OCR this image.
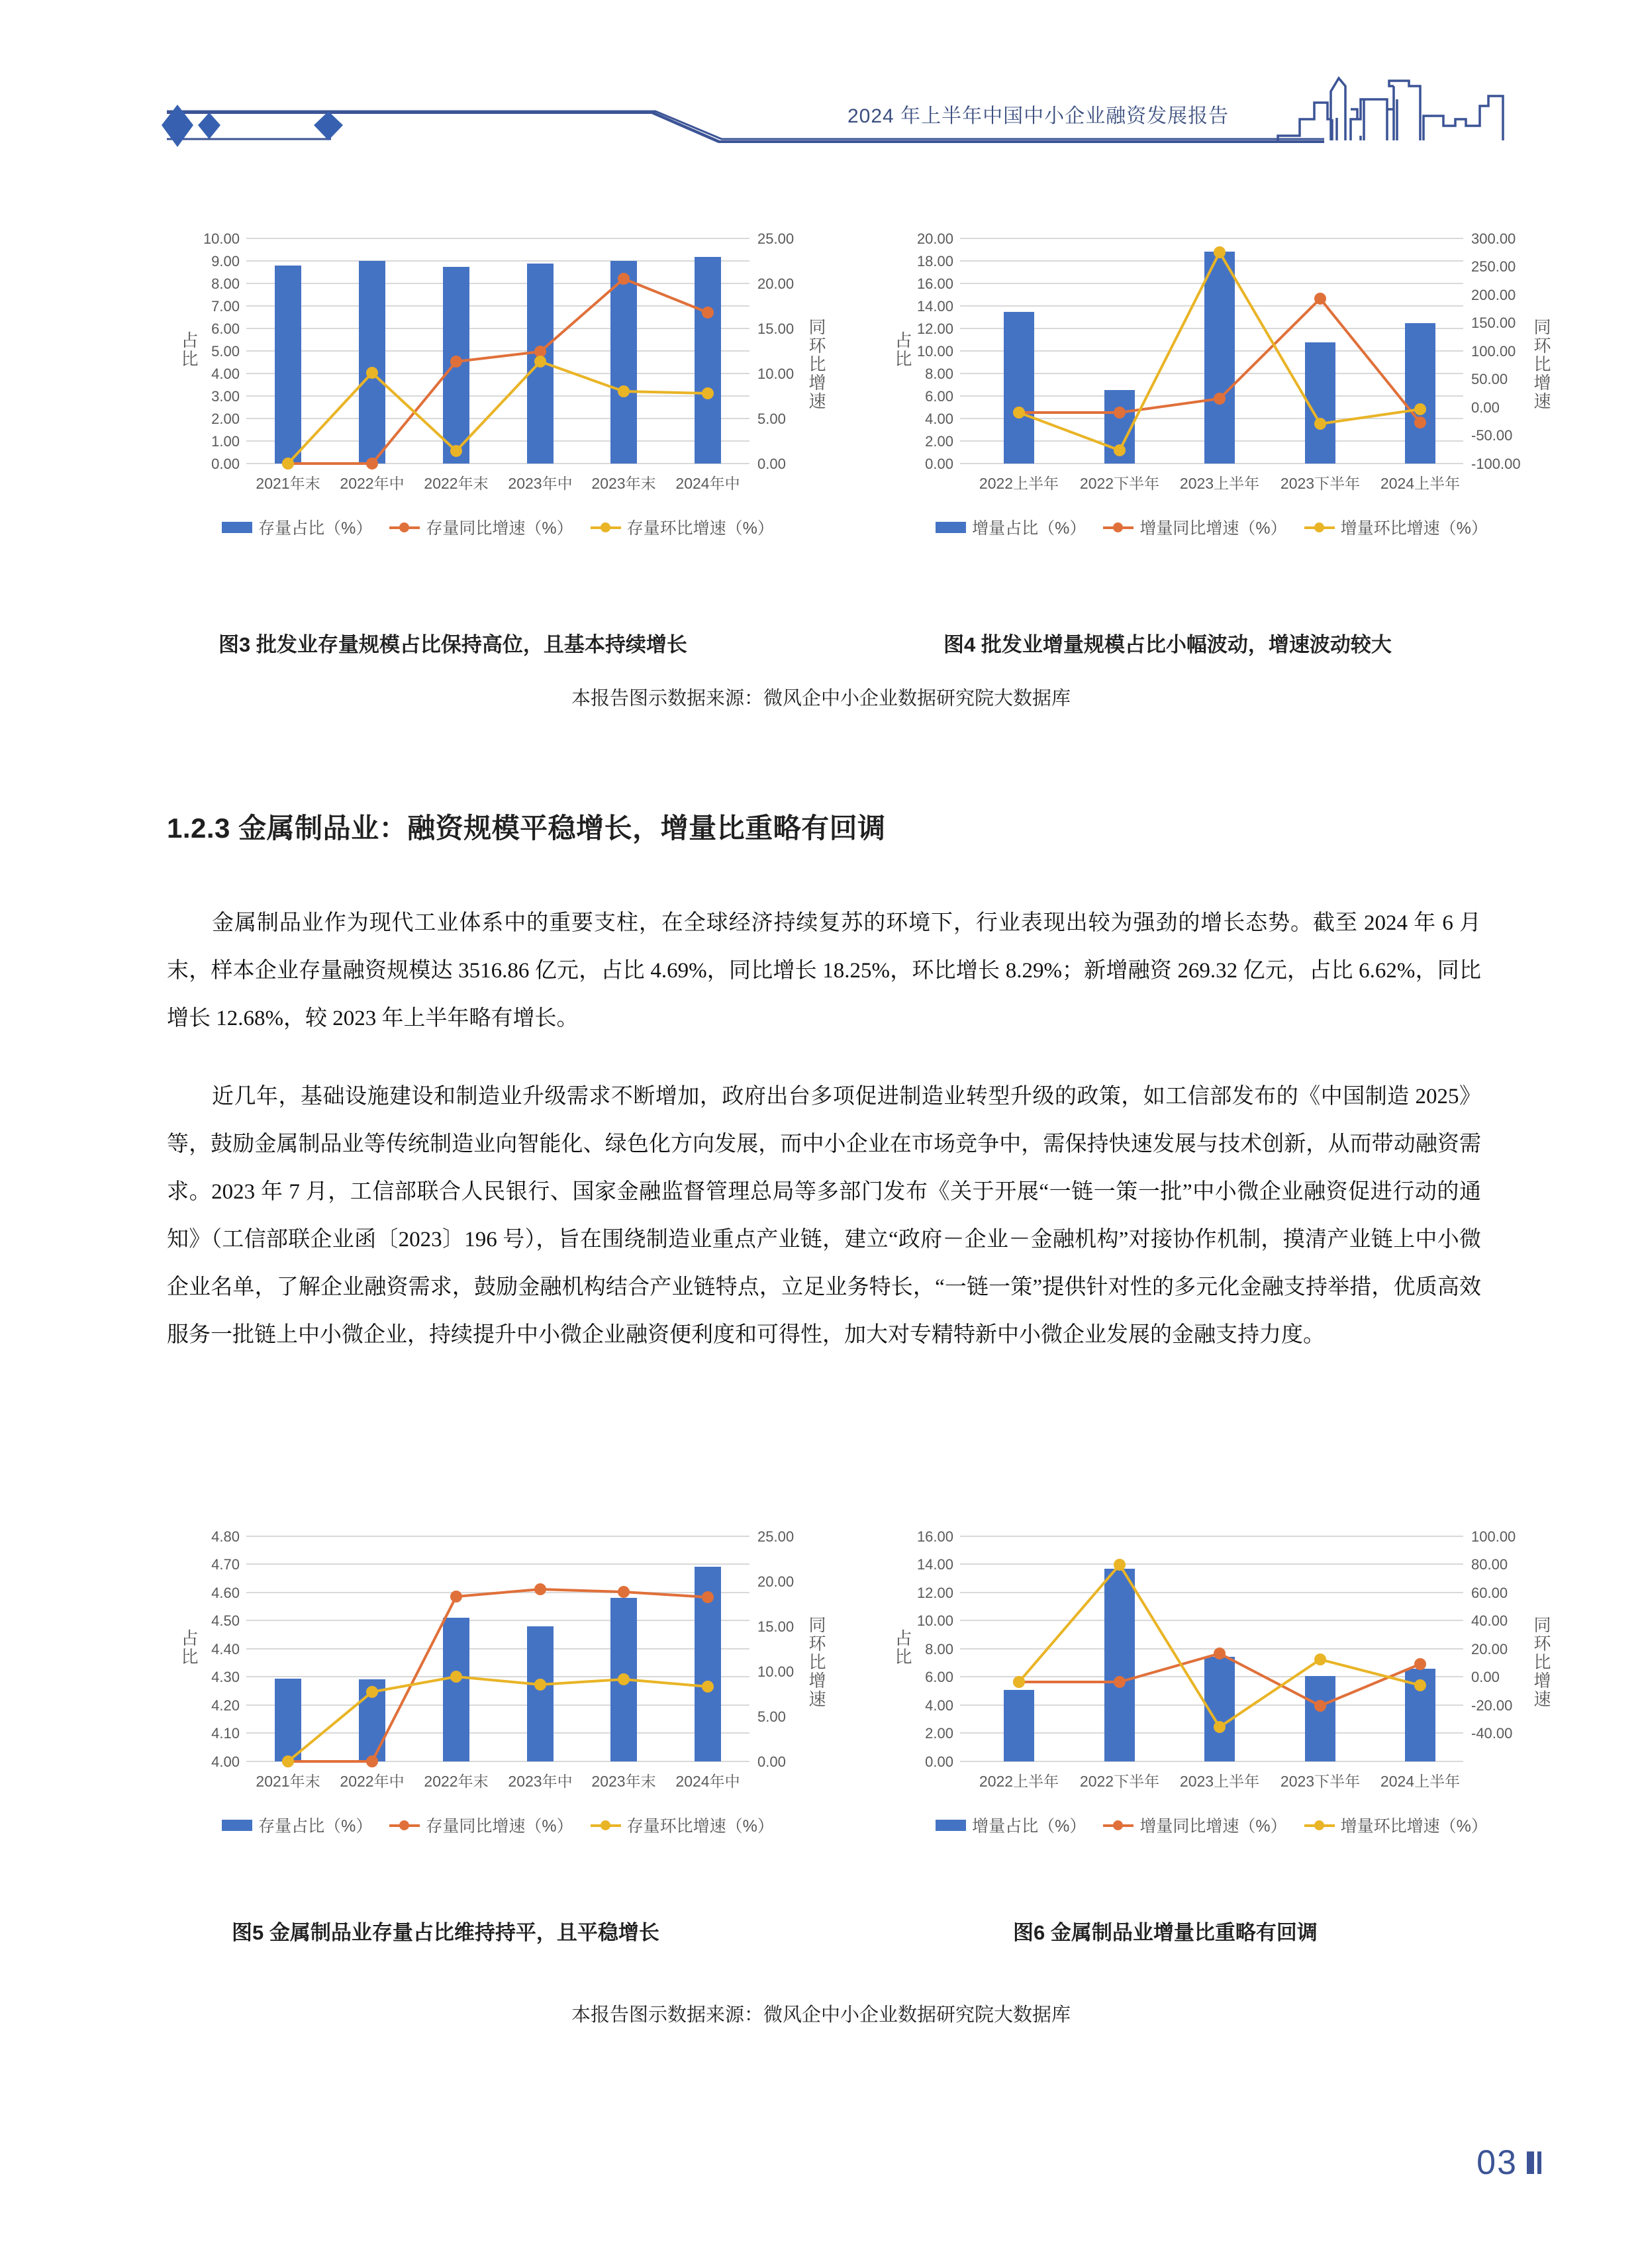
2024 年上半年中国中小企业融资发展报告
10.00
9.00
8.00
7.00
6.00
5.00
4.00
3.00
2.00
1.00
0.00
25.00
20.00
15.00
10.00
5.00
0.00
2021年末 2022年中 2022年末 2023年中 2023年末 2024年中
占比	同环比增速
存量占比（%）	存量同比增速（%）	存量环比增速（%）
图3 批发业存量规模占比保持高位，且基本持续增长
20.00
18.00
16.00
14.00
12.00
10.00
8.00
6.00
4.00
2.00
0.00
300.00
250.00
200.00
150.00
100.00
50.00
0.00
-50.00
-100.00
2022上半年 2022下半年 2023上半年 2023下半年 2024上半年
占比	同环比增速
增量占比（%）	增量同比增速（%）	增量环比增速（%）
图4 批发业增量规模占比小幅波动，增速波动较大
本报告图示数据来源：微风企中小企业数据研究院大数据库
1.2.3 金属制品业：融资规模平稳增长，增量比重略有回调
金属制品业作为现代工业体系中的重要支柱，在全球经济持续复苏的环境下，行业表现出较为强劲的增长态势。截至 2024 年 6 月末，样本企业存量融资规模达 3516.86 亿元，占比 4.69%，同比增长 18.25%，环比增长 8.29%；新增融资 269.32 亿元，占比 6.62%，同比增长 12.68%，较 2023 年上半年略有增长。
近几年，基础设施建设和制造业升级需求不断增加，政府出台多项促进制造业转型升级的政策，如工信部发布的《中国制造 2025》等，鼓励金属制品业等传统制造业向智能化、绿色化方向发展，而中小企业在市场竞争中，需保持快速发展与技术创新，从而带动融资需求。2023 年 7 月，工信部联合人民银行、国家金融监督管理总局等多部门发布《关于开展“一链一策一批”中小微企业融资促进行动的通知》（工信部联企业函〔2023〕196 号），旨在围绕制造业重点产业链，建立“政府－企业－金融机构”对接协作机制，摸清产业链上中小微企业名单，了解企业融资需求，鼓励金融机构结合产业链特点，立足业务特长，“一链一策”提供针对性的多元化金融支持举措，优质高效服务一批链上中小微企业，持续提升中小微企业融资便利度和可得性，加大对专精特新中小微企业发展的金融支持力度。
4.80
4.70
4.60
4.50
4.40
4.30
4.20
4.10
4.00
25.00
20.00
15.00
10.00
5.00
0.00
2021年末 2022年中 2022年末 2023年中 2023年末 2024年中
占比	同环比增速
存量占比（%）	存量同比增速（%）	存量环比增速（%）
图5 金属制品业存量占比维持持平，且平稳增长
16.00
14.00
12.00
10.00
8.00
6.00
4.00
2.00
0.00
100.00
80.00
60.00
40.00
20.00
0.00
-20.00
-40.00
2022上半年 2022下半年 2023上半年 2023下半年 2024上半年
占比	同环比增速
增量占比（%）	增量同比增速（%）	增量环比增速（%）
图6 金属制品业增量比重略有回调
本报告图示数据来源：微风企中小企业数据研究院大数据库
03
